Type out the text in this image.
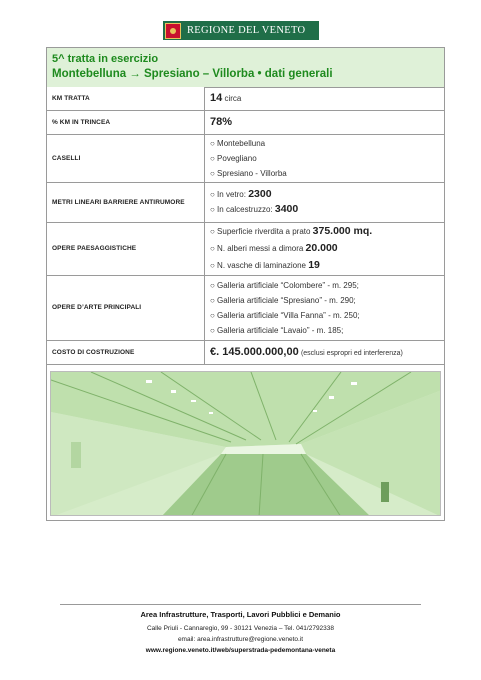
REGIONE DEL VENETO
5^ tratta in esercizio
Montebelluna → Spresiano – Villorba • dati generali
KM TRATTA	14 circa
% KM IN TRINCEA	78%
CASELLI	○ Montebelluna
○ Povegliano
○ Spresiano - Villorba

METRI LINEARI BARRIERE ANTIRUMORE	○ In vetro: 2300
○ In calcestruzzo: 3400

OPERE PAESAGGISTICHE	○ Superficie riverdita a prato 375.000 mq.
○ N. alberi messi a dimora 20.000
○ N. vasche di laminazione 19

OPERE D’ARTE PRINCIPALI	○ Galleria artificiale “Colombere” - m. 295;
○ Galleria artificiale “Spresiano” - m. 290;
○ Galleria artificiale “Villa Fanna” - m. 250;
○ Galleria artificiale “Lavaio” - m. 185;

COSTO DI COSTRUZIONE	€. 145.000.000,00 (esclusi espropri ed interferenza)
Area Infrastrutture, Trasporti, Lavori Pubblici e Demanio
Calle Priuli - Cannaregio, 99 - 30121 Venezia – Tel. 041/2792338
email: area.infrastrutture@regione.veneto.it
www.regione.veneto.it/web/superstrada-pedemontana-veneta
